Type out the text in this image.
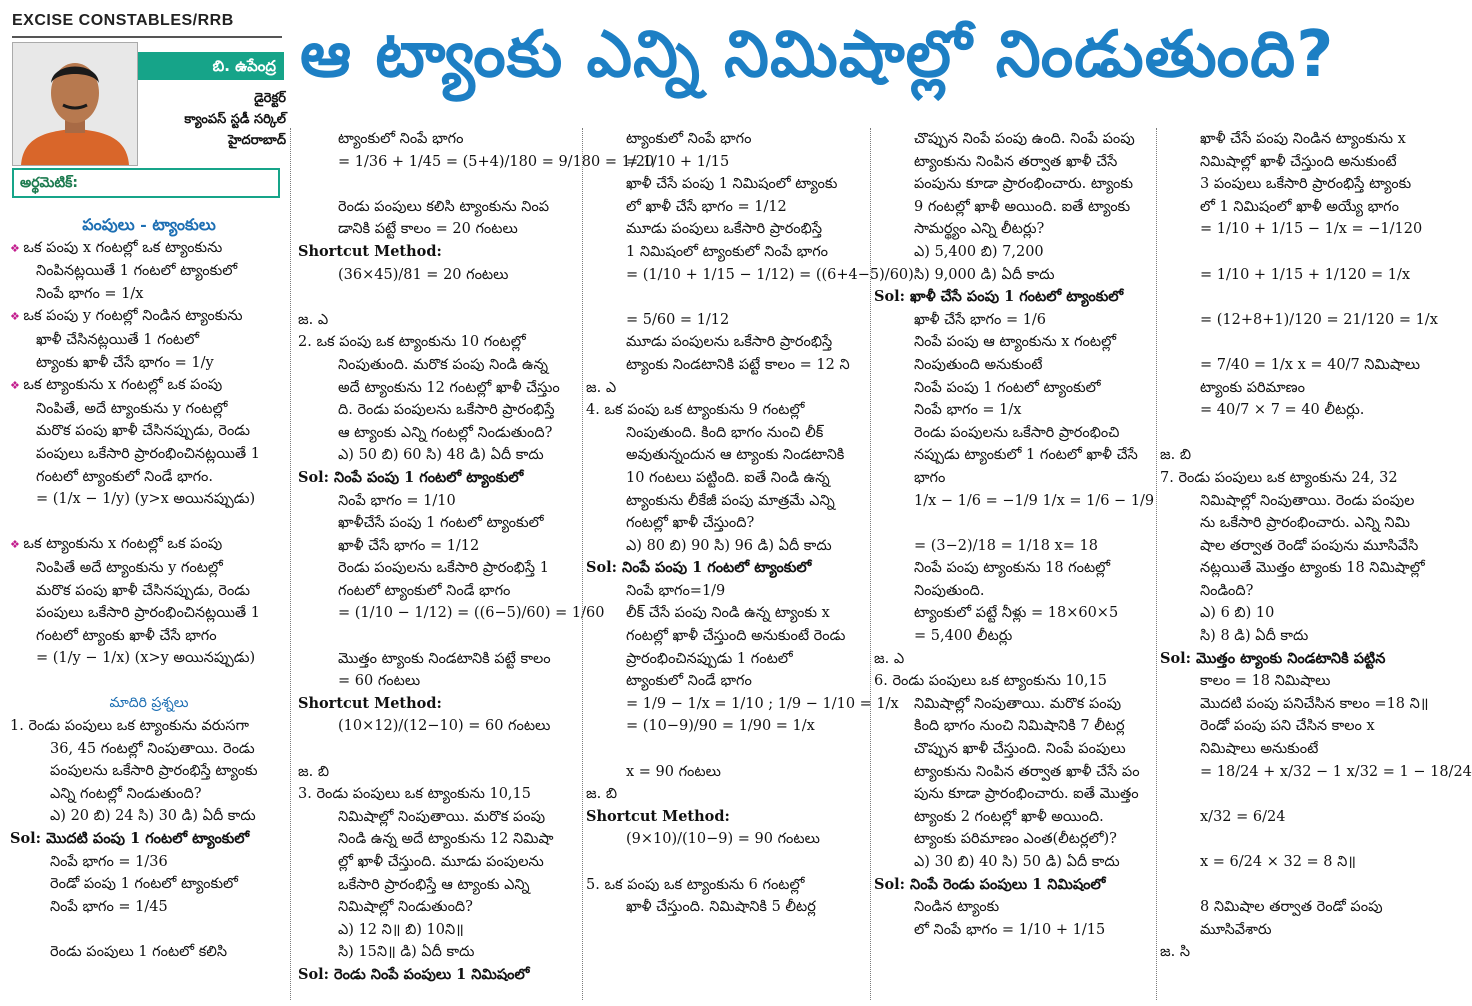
EXCISE CONSTABLES/RRB ఆ ట్యాంకు ఎన్ని నిమిషాల్లో నిండుతుంది?
బి. ఉపేంద్ర
డైరెక్టర్
క్యాంపస్ స్టడీ సర్కిల్
హైదరాబాద్
అర్థమెటిక్:
పంపులు - ట్యాంకులు
❖ ఒక పంపు x గంటల్లో ఒక ట్యాంకును
నింపినట్లయితే 1 గంటలో ట్యాంకులో
నింపే భాగం = 1/x
❖ ఒక పంపు y గంటల్లో నిండిన ట్యాంకును
ఖాళీ చేసినట్లయితే 1 గంటలో
ట్యాంకు ఖాళీ చేసే భాగం = 1/y
❖ ఒక ట్యాంకును x గంటల్లో ఒక పంపు
నింపితే, అదే ట్యాంకును y గంటల్లో
మరొక పంపు ఖాళీ చేసినప్పుడు, రెండు
పంపులు ఒకేసారి ప్రారంభించినట్లయితే 1
గంటలో ట్యాంకులో నిండే భాగం.
= (1/x − 1/y) (y>x అయినప్పుడు)

❖ ఒక ట్యాంకును x గంటల్లో ఒక పంపు
నింపితే అదే ట్యాంకును y గంటల్లో
మరొక పంపు ఖాళీ చేసినప్పుడు, రెండు
పంపులు ఒకేసారి ప్రారంభించినట్లయితే 1
గంటలో ట్యాంకు ఖాళీ చేసే భాగం
= (1/y − 1/x) (x>y అయినప్పుడు)

మాదిరి ప్రశ్నలు
1. రెండు పంపులు ఒక ట్యాంకును వరుసగా
36, 45 గంటల్లో నింపుతాయి. రెండు
పంపులను ఒకేసారి ప్రారంభిస్తే ట్యాంకు
ఎన్ని గంటల్లో నిండుతుంది?
ఎ) 20 బి) 24 సి) 30 డి) ఏదీ కాదు
Sol: మొదటి పంపు 1 గంటలో ట్యాంకులో
నింపే భాగం = 1/36
రెండో పంపు 1 గంటలో ట్యాంకులో
నింపే భాగం = 1/45

రెండు పంపులు 1 గంటలో కలిసి
ట్యాంకులో నింపే భాగం
= 1/36 + 1/45 = (5+4)/180 = 9/180 = 1/20

రెండు పంపులు కలిసి ట్యాంకును నింప
డానికి పట్టే కాలం = 20 గంటలు
Shortcut Method:
(36×45)/81 = 20 గంటలు

జ. ఎ
2. ఒక పంపు ఒక ట్యాంకును 10 గంటల్లో
నింపుతుంది. మరొక పంపు నిండి ఉన్న
అదే ట్యాంకును 12 గంటల్లో ఖాళీ చేస్తుం
ది. రెండు పంపులను ఒకేసారి ప్రారంభిస్తే
ఆ ట్యాంకు ఎన్ని గంటల్లో నిండుతుంది?
ఎ) 50 బి) 60 సి) 48 డి) ఏదీ కాదు
Sol: నింపే పంపు 1 గంటలో ట్యాంకులో
నింపే భాగం = 1/10
ఖాళీచేసే పంపు 1 గంటలో ట్యాంకులో
ఖాళీ చేసే భాగం = 1/12
రెండు పంపులను ఒకేసారి ప్రారంభిస్తే 1
గంటలో ట్యాంకులో నిండే భాగం
= (1/10 − 1/12) = ((6−5)/60) = 1/60

మొత్తం ట్యాంకు నిండటానికి పట్టే కాలం
= 60 గంటలు
Shortcut Method:
(10×12)/(12−10) = 60 గంటలు

జ. బి
3. రెండు పంపులు ఒక ట్యాంకును 10,15
నిమిషాల్లో నింపుతాయి. మరొక పంపు
నిండి ఉన్న అదే ట్యాంకును 12 నిమిషా
ల్లో ఖాళీ చేస్తుంది. మూడు పంపులను
ఒకేసారి ప్రారంభిస్తే ఆ ట్యాంకు ఎన్ని
నిమిషాల్లో నిండుతుంది?
ఎ) 12 ని॥ బి) 10ని॥
సి) 15ని॥ డి) ఏదీ కాదు
Sol: రెండు నింపే పంపులు 1 నిమిషంలో
ట్యాంకులో నింపే భాగం
= 1/10 + 1/15
ఖాళీ చేసే పంపు 1 నిమిషంలో ట్యాంకు
లో ఖాళీ చేసే భాగం = 1/12
మూడు పంపులు ఒకేసారి ప్రారంభిస్తే
1 నిమిషంలో ట్యాంకులో నింపే భాగం
= (1/10 + 1/15 − 1/12) = ((6+4−5)/60)

= 5/60 = 1/12
మూడు పంపులను ఒకేసారి ప్రారంభిస్తే
ట్యాంకు నిండటానికి పట్టే కాలం = 12 ని
జ. ఎ
4. ఒక పంపు ఒక ట్యాంకును 9 గంటల్లో
నింపుతుంది. కింది భాగం నుంచి లీక్
అవుతున్నందున ఆ ట్యాంకు నిండటానికి
10 గంటలు పట్టింది. ఐతే నిండి ఉన్న
ట్యాంకును లీకేజీ పంపు మాత్రమే ఎన్ని
గంటల్లో ఖాళీ చేస్తుంది?
ఎ) 80 బి) 90 సి) 96 డి) ఏదీ కాదు
Sol: నింపే పంపు 1 గంటలో ట్యాంకులో
నింపే భాగం=1/9
లీక్ చేసే పంపు నిండి ఉన్న ట్యాంకు x
గంటల్లో ఖాళీ చేస్తుంది అనుకుంటే రెండు
ప్రారంభించినప్పుడు 1 గంటలో
ట్యాంకులో నిండే భాగం
= 1/9 − 1/x = 1/10 ; 1/9 − 1/10 = 1/x
= (10−9)/90 = 1/90 = 1/x

x = 90 గంటలు
జ. బి
Shortcut Method:
(9×10)/(10−9) = 90 గంటలు

5. ఒక పంపు ఒక ట్యాంకును 6 గంటల్లో
ఖాళీ చేస్తుంది. నిమిషానికి 5 లీటర్ల
చొప్పున నింపే పంపు ఉంది. నింపే పంపు
ట్యాంకును నింపిన తర్వాత ఖాళీ చేసే
పంపును కూడా ప్రారంభించారు. ట్యాంకు
9 గంటల్లో ఖాళీ అయింది. ఐతే ట్యాంకు
సామర్థ్యం ఎన్ని లీటర్లు?
ఎ) 5,400 బి) 7,200
సి) 9,000 డి) ఏదీ కాదు
Sol: ఖాళీ చేసే పంపు 1 గంటలో ట్యాంకులో
ఖాళీ చేసే భాగం = 1/6
నింపే పంపు ఆ ట్యాంకును x గంటల్లో
నింపుతుంది అనుకుంటే
నింపే పంపు 1 గంటలో ట్యాంకులో
నింపే భాగం = 1/x
రెండు పంపులను ఒకేసారి ప్రారంభించి
నప్పుడు ట్యాంకులో 1 గంటలో ఖాళీ చేసే
భాగం
1/x − 1/6 = −1/9 1/x = 1/6 − 1/9

= (3−2)/18 = 1/18 x= 18
నింపే పంపు ట్యాంకును 18 గంటల్లో
నింపుతుంది.
ట్యాంకులో పట్టే నీళ్లు = 18×60×5
= 5,400 లీటర్లు
జ. ఎ
6. రెండు పంపులు ఒక ట్యాంకును 10,15
నిమిషాల్లో నింపుతాయి. మరొక పంపు
కింది భాగం నుంచి నిమిషానికి 7 లీటర్ల
చొప్పున ఖాళీ చేస్తుంది. నింపే పంపులు
ట్యాంకును నింపిన తర్వాత ఖాళీ చేసే పం
పును కూడా ప్రారంభించారు. ఐతే మొత్తం
ట్యాంకు 2 గంటల్లో ఖాళీ అయింది.
ట్యాంకు పరిమాణం ఎంత(లీటర్లలో)?
ఎ) 30 బి) 40 సి) 50 డి) ఏదీ కాదు
Sol: నింపే రెండు పంపులు 1 నిమిషంలో
నిండిన ట్యాంకు
లో నింపే భాగం = 1/10 + 1/15
ఖాళీ చేసే పంపు నిండిన ట్యాంకును x
నిమిషాల్లో ఖాళీ చేస్తుంది అనుకుంటే
3 పంపులు ఒకేసారి ప్రారంభిస్తే ట్యాంకు
లో 1 నిమిషంలో ఖాళీ అయ్యే భాగం
= 1/10 + 1/15 − 1/x = −1/120

= 1/10 + 1/15 + 1/120 = 1/x

= (12+8+1)/120 = 21/120 = 1/x

= 7/40 = 1/x x = 40/7 నిమిషాలు
ట్యాంకు పరిమాణం
= 40/7 × 7 = 40 లీటర్లు.

జ. బి
7. రెండు పంపులు ఒక ట్యాంకును 24, 32
నిమిషాల్లో నింపుతాయి. రెండు పంపుల
ను ఒకేసారి ప్రారంభించారు. ఎన్ని నిమి
షాల తర్వాత రెండో పంపును మూసివేసి
నట్లయితే మొత్తం ట్యాంకు 18 నిమిషాల్లో
నిండింది?
ఎ) 6 బి) 10
సి) 8 డి) ఏదీ కాదు
Sol: మొత్తం ట్యాంకు నిండటానికి పట్టిన
కాలం = 18 నిమిషాలు
మొదటి పంపు పనిచేసిన కాలం =18 ని॥
రెండో పంపు పని చేసిన కాలం x
నిమిషాలు అనుకుంటే
= 18/24 + x/32 − 1 x/32 = 1 − 18/24

x/32 = 6/24

x = 6/24 × 32 = 8 ని॥

8 నిమిషాల తర్వాత రెండో పంపు
మూసివేశారు
జ. సి
